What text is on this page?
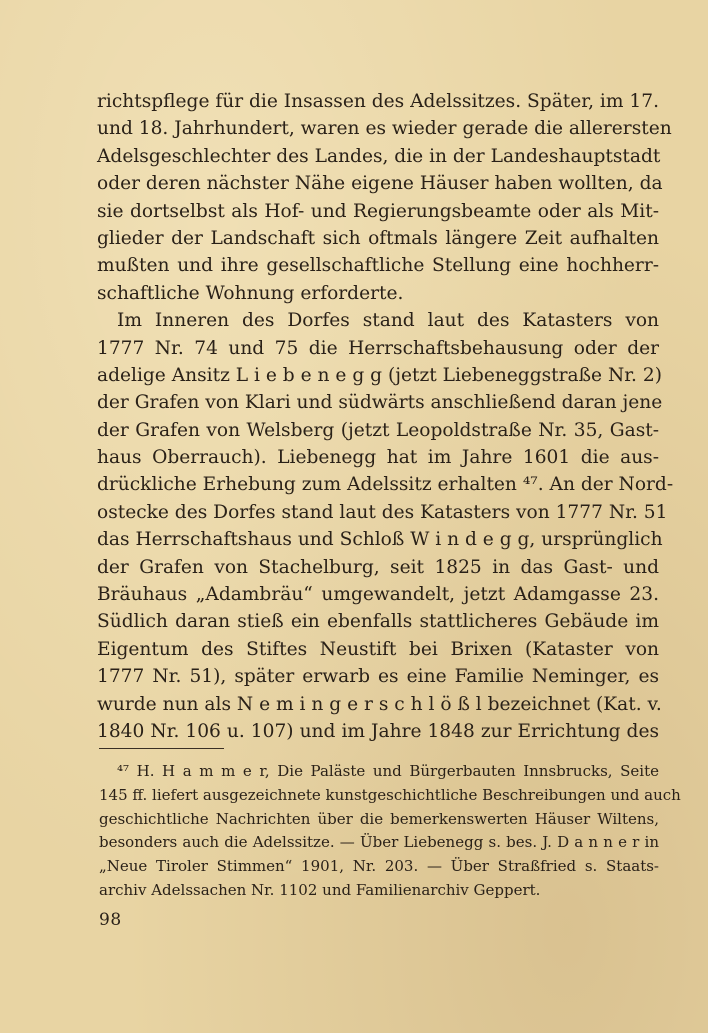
richtspflege für die Insassen des Adelssitzes. Später, im 17.
und 18. Jahrhundert, waren es wieder gerade die allerersten
Adelsgeschlechter des Landes, die in der Landeshauptstadt
oder deren nächster Nähe eigene Häuser haben wollten, da
sie dortselbst als Hof- und Regierungsbeamte oder als Mit-
glieder der Landschaft sich oftmals längere Zeit aufhalten
mußten und ihre gesellschaftliche Stellung eine hochherr-
schaftliche Wohnung erforderte.
Im Inneren des Dorfes stand laut des Katasters von
1777 Nr. 74 und 75 die Herrschaftsbehausung oder der
adelige Ansitz L i e b e n e g g (jetzt Liebeneggstraße Nr. 2)
der Grafen von Klari und südwärts anschließend daran jene
der Grafen von Welsberg (jetzt Leopoldstraße Nr. 35, Gast-
haus Oberrauch). Liebenegg hat im Jahre 1601 die aus-
drückliche Erhebung zum Adelssitz erhalten ⁴⁷. An der Nord-
ostecke des Dorfes stand laut des Katasters von 1777 Nr. 51
das Herrschaftshaus und Schloß W i n d e g g, ursprünglich
der Grafen von Stachelburg, seit 1825 in das Gast- und
Bräuhaus „Adambräu“ umgewandelt, jetzt Adamgasse 23.
Südlich daran stieß ein ebenfalls stattlicheres Gebäude im
Eigentum des Stiftes Neustift bei Brixen (Kataster von
1777 Nr. 51), später erwarb es eine Familie Neminger, es
wurde nun als N e m i n g e r s c h l ö ß l bezeichnet (Kat. v.
1840 Nr. 106 u. 107) und im Jahre 1848 zur Errichtung des
⁴⁷ H. H a m m e r, Die Paläste und Bürgerbauten Innsbrucks, Seite
145 ff. liefert ausgezeichnete kunstgeschichtliche Beschreibungen und auch
geschichtliche Nachrichten über die bemerkenswerten Häuser Wiltens,
besonders auch die Adelssitze. — Über Liebenegg s. bes. J. D a n n e r in
„Neue Tiroler Stimmen“ 1901, Nr. 203. — Über Straßfried s. Staats-
archiv Adelssachen Nr. 1102 und Familienarchiv Geppert.
98
